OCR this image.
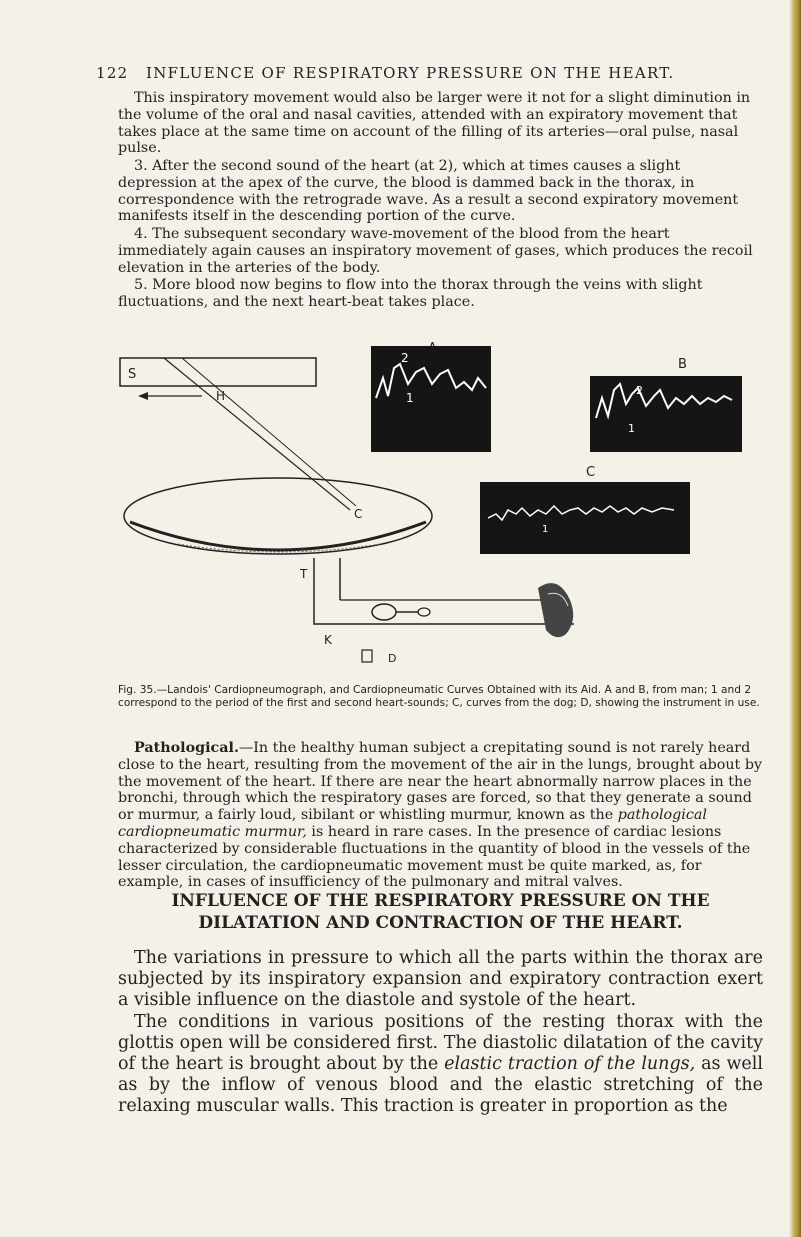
122 INFLUENCE OF RESPIRATORY PRESSURE ON THE HEART.

This inspiratory movement would also be larger were it not for a slight diminution in the volume of the oral and nasal cavities, attended with an expiratory movement that takes place at the same time on account of the filling of its arteries—oral pulse, nasal pulse.

3. After the second sound of the heart (at 2), which at times causes a slight depression at the apex of the curve, the blood is dammed back in the thorax, in correspondence with the retrograde wave. As a result a second expiratory movement manifests itself in the descending portion of the curve.

4. The subsequent secondary wave-movement of the blood from the heart immediately again causes an inspiratory movement of gases, which produces the recoil elevation in the arteries of the body.

5. More blood now begins to flow into the thorax through the veins with slight fluctuations, and the next heart-beat takes place.

2
1
B
2
1
C
1
S
H
C
T
K
D

Fig. 35.—Landois' Cardiopneumograph, and Cardiopneumatic Curves Obtained with its Aid. A and B, from man; 1 and 2 correspond to the period of the first and second heart-sounds; C, curves from the dog; D, showing the instrument in use.

Pathological.—In the healthy human subject a crepitating sound is not rarely heard close to the heart, resulting from the movement of the air in the lungs, brought about by the movement of the heart. If there are near the heart abnormally narrow places in the bronchi, through which the respiratory gases are forced, so that they generate a sound or murmur, a fairly loud, sibilant or whistling murmur, known as the pathological cardiopneumatic murmur, is heard in rare cases. In the presence of cardiac lesions characterized by considerable fluctuations in the quantity of blood in the vessels of the lesser circulation, the cardiopneumatic movement must be quite marked, as, for example, in cases of insufficiency of the pulmonary and mitral valves.

INFLUENCE OF THE RESPIRATORY PRESSURE ON THE DILATATION AND CONTRACTION OF THE HEART.

The variations in pressure to which all the parts within the thorax are subjected by its inspiratory expansion and expiratory contraction exert a visible influence on the diastole and systole of the heart.

The conditions in various positions of the resting thorax with the glottis open will be considered first. The diastolic dilatation of the cavity of the heart is brought about by the elastic traction of the lungs, as well as by the inflow of venous blood and the elastic stretching of the relaxing muscular walls. This traction is greater in proportion as the
